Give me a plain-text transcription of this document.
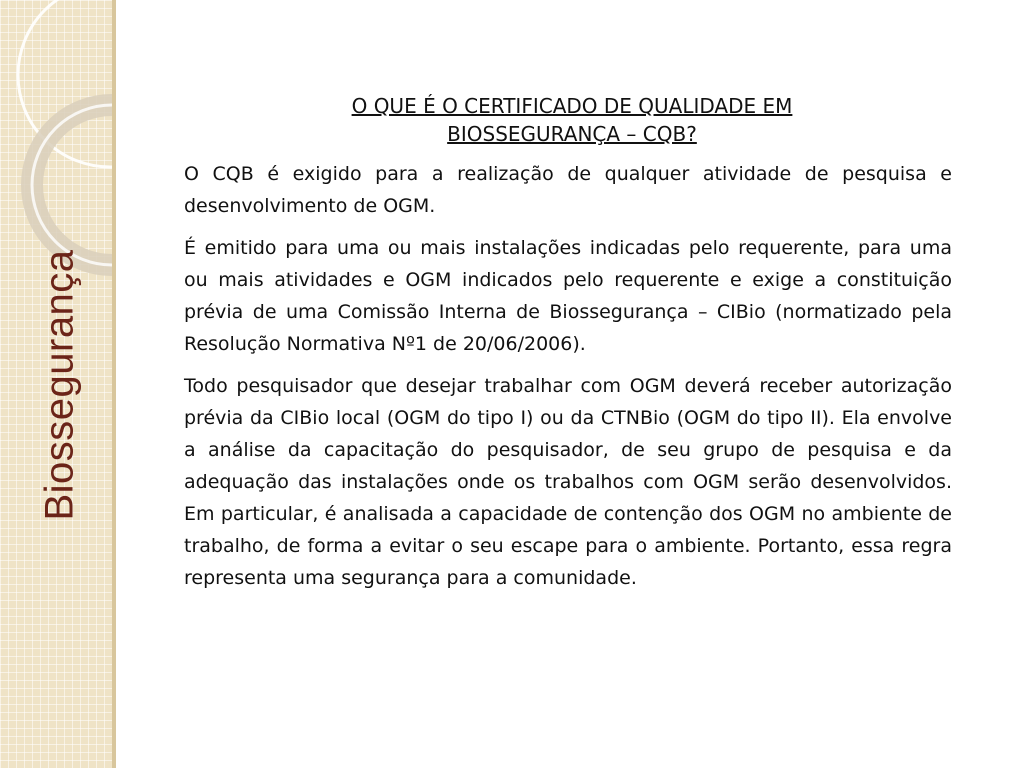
Biossegurança
O QUE É O CERTIFICADO DE QUALIDADE EM
BIOSSEGURANÇA – CQB?

O CQB é exigido para a realização de qualquer atividade de pesquisa e desenvolvimento de OGM.

É emitido para uma ou mais instalações indicadas pelo requerente, para uma ou mais atividades e OGM indicados pelo requerente e exige a constituição prévia de uma Comissão Interna de Biossegurança – CIBio (normatizado pela Resolução Normativa Nº1 de 20/06/2006).

Todo pesquisador que desejar trabalhar com OGM deverá receber autorização prévia da CIBio local (OGM do tipo I) ou da CTNBio (OGM do tipo II). Ela envolve a análise da capacitação do pesquisador, de seu grupo de pesquisa e da adequação das instalações onde os trabalhos com OGM serão desenvolvidos. Em particular, é analisada a capacidade de contenção dos OGM no ambiente de trabalho, de forma a evitar o seu escape para o ambiente. Portanto, essa regra representa uma segurança para a comunidade.
